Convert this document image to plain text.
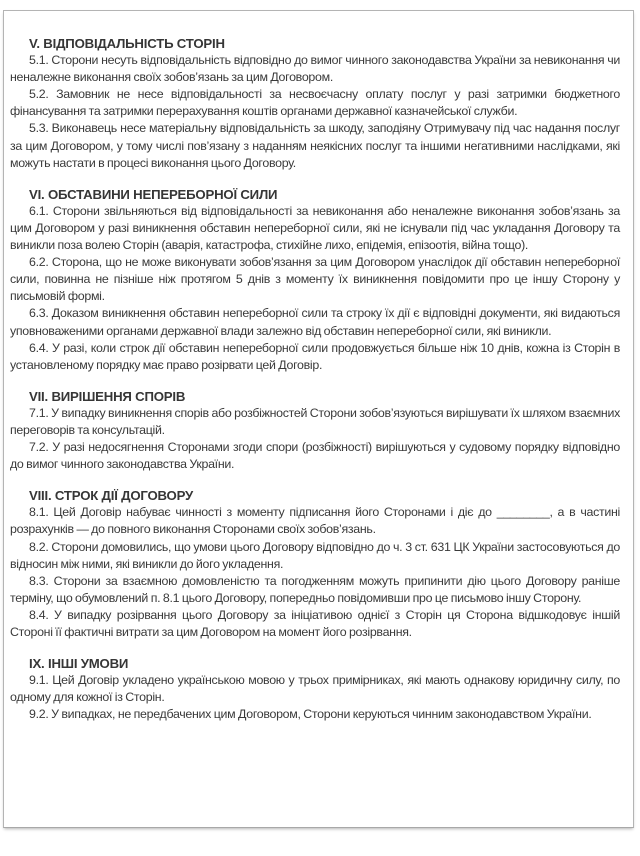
V. ВІДПОВІДАЛЬНІСТЬ СТОРІН

5.1. Сторони несуть відповідальність відповідно до вимог чинного законодавства України за невиконання чи неналежне виконання своїх зобов’язань за цим Договором.

5.2. Замовник не несе відповідальності за несвоєчасну оплату послуг у разі затримки бюджетного фінансування та затримки перерахування коштів органами державної казначейської служби.

5.3. Виконавець несе матеріальну відповідальність за шкоду, заподіяну Отримувачу під час надання послуг за цим Договором, у тому числі пов’язану з наданням неякісних послуг та іншими негативними наслідками, які можуть настати в процесі виконання цього Договору.

VI. ОБСТАВИНИ НЕПЕРЕБОРНОЇ СИЛИ

6.1. Сторони звільняються від відповідальності за невиконання або неналежне виконання зобов’язань за цим Договором у разі виникнення обставин непереборної сили, які не існували під час укладання Договору та виникли поза волею Сторін (аварія, катастрофа, стихійне лихо, епідемія, епізоотія, війна тощо).

6.2. Сторона, що не може виконувати зобов’язання за цим Договором унаслідок дії обставин непереборної сили, повинна не пізніше ніж протягом 5 днів з моменту їх виникнення повідомити про це іншу Сторону у письмовій формі.

6.3. Доказом виникнення обставин непереборної сили та строку їх дії є відповідні документи, які видаються уповноваженими органами державної влади залежно від обставин непереборної сили, які виникли.

6.4. У разі, коли строк дії обставин непереборної сили продовжується більше ніж 10 днів, кожна із Сторін в установленому порядку має право розірвати цей Договір.

VII. ВИРІШЕННЯ СПОРІВ

7.1. У випадку виникнення спорів або розбіжностей Сторони зобов’язуються вирішувати їх шляхом взаємних переговорів та консультацій.

7.2. У разі недосягнення Сторонами згоди спори (розбіжності) вирішуються у судовому порядку відповідно до вимог чинного законодавства України.

VIII. СТРОК ДІЇ ДОГОВОРУ

8.1. Цей Договір набуває чинності з моменту підписання його Сторонами і діє до ________, а в частині розрахунків — до повного виконання Сторонами своїх зобов’язань.

8.2. Сторони домовились, що умови цього Договору відповідно до ч. 3 ст. 631 ЦК України застосовуються до відносин між ними, які виникли до його укладення.

8.3. Сторони за взаємною домовленістю та погодженням можуть припинити дію цього Договору раніше терміну, що обумовлений п. 8.1 цього Договору, попередньо повідомивши про це письмово іншу Сторону.

8.4. У випадку розірвання цього Договору за ініціативою однієї з Сторін ця Сторона відшкодовує іншій Стороні її фактичні витрати за цим Договором на момент його розірвання.

IX. ІНШІ УМОВИ

9.1. Цей Договір укладено українською мовою у трьох примірниках, які мають однакову юридичну силу, по одному для кожної із Сторін.

9.2. У випадках, не передбачених цим Договором, Сторони керуються чинним законодавством України.
